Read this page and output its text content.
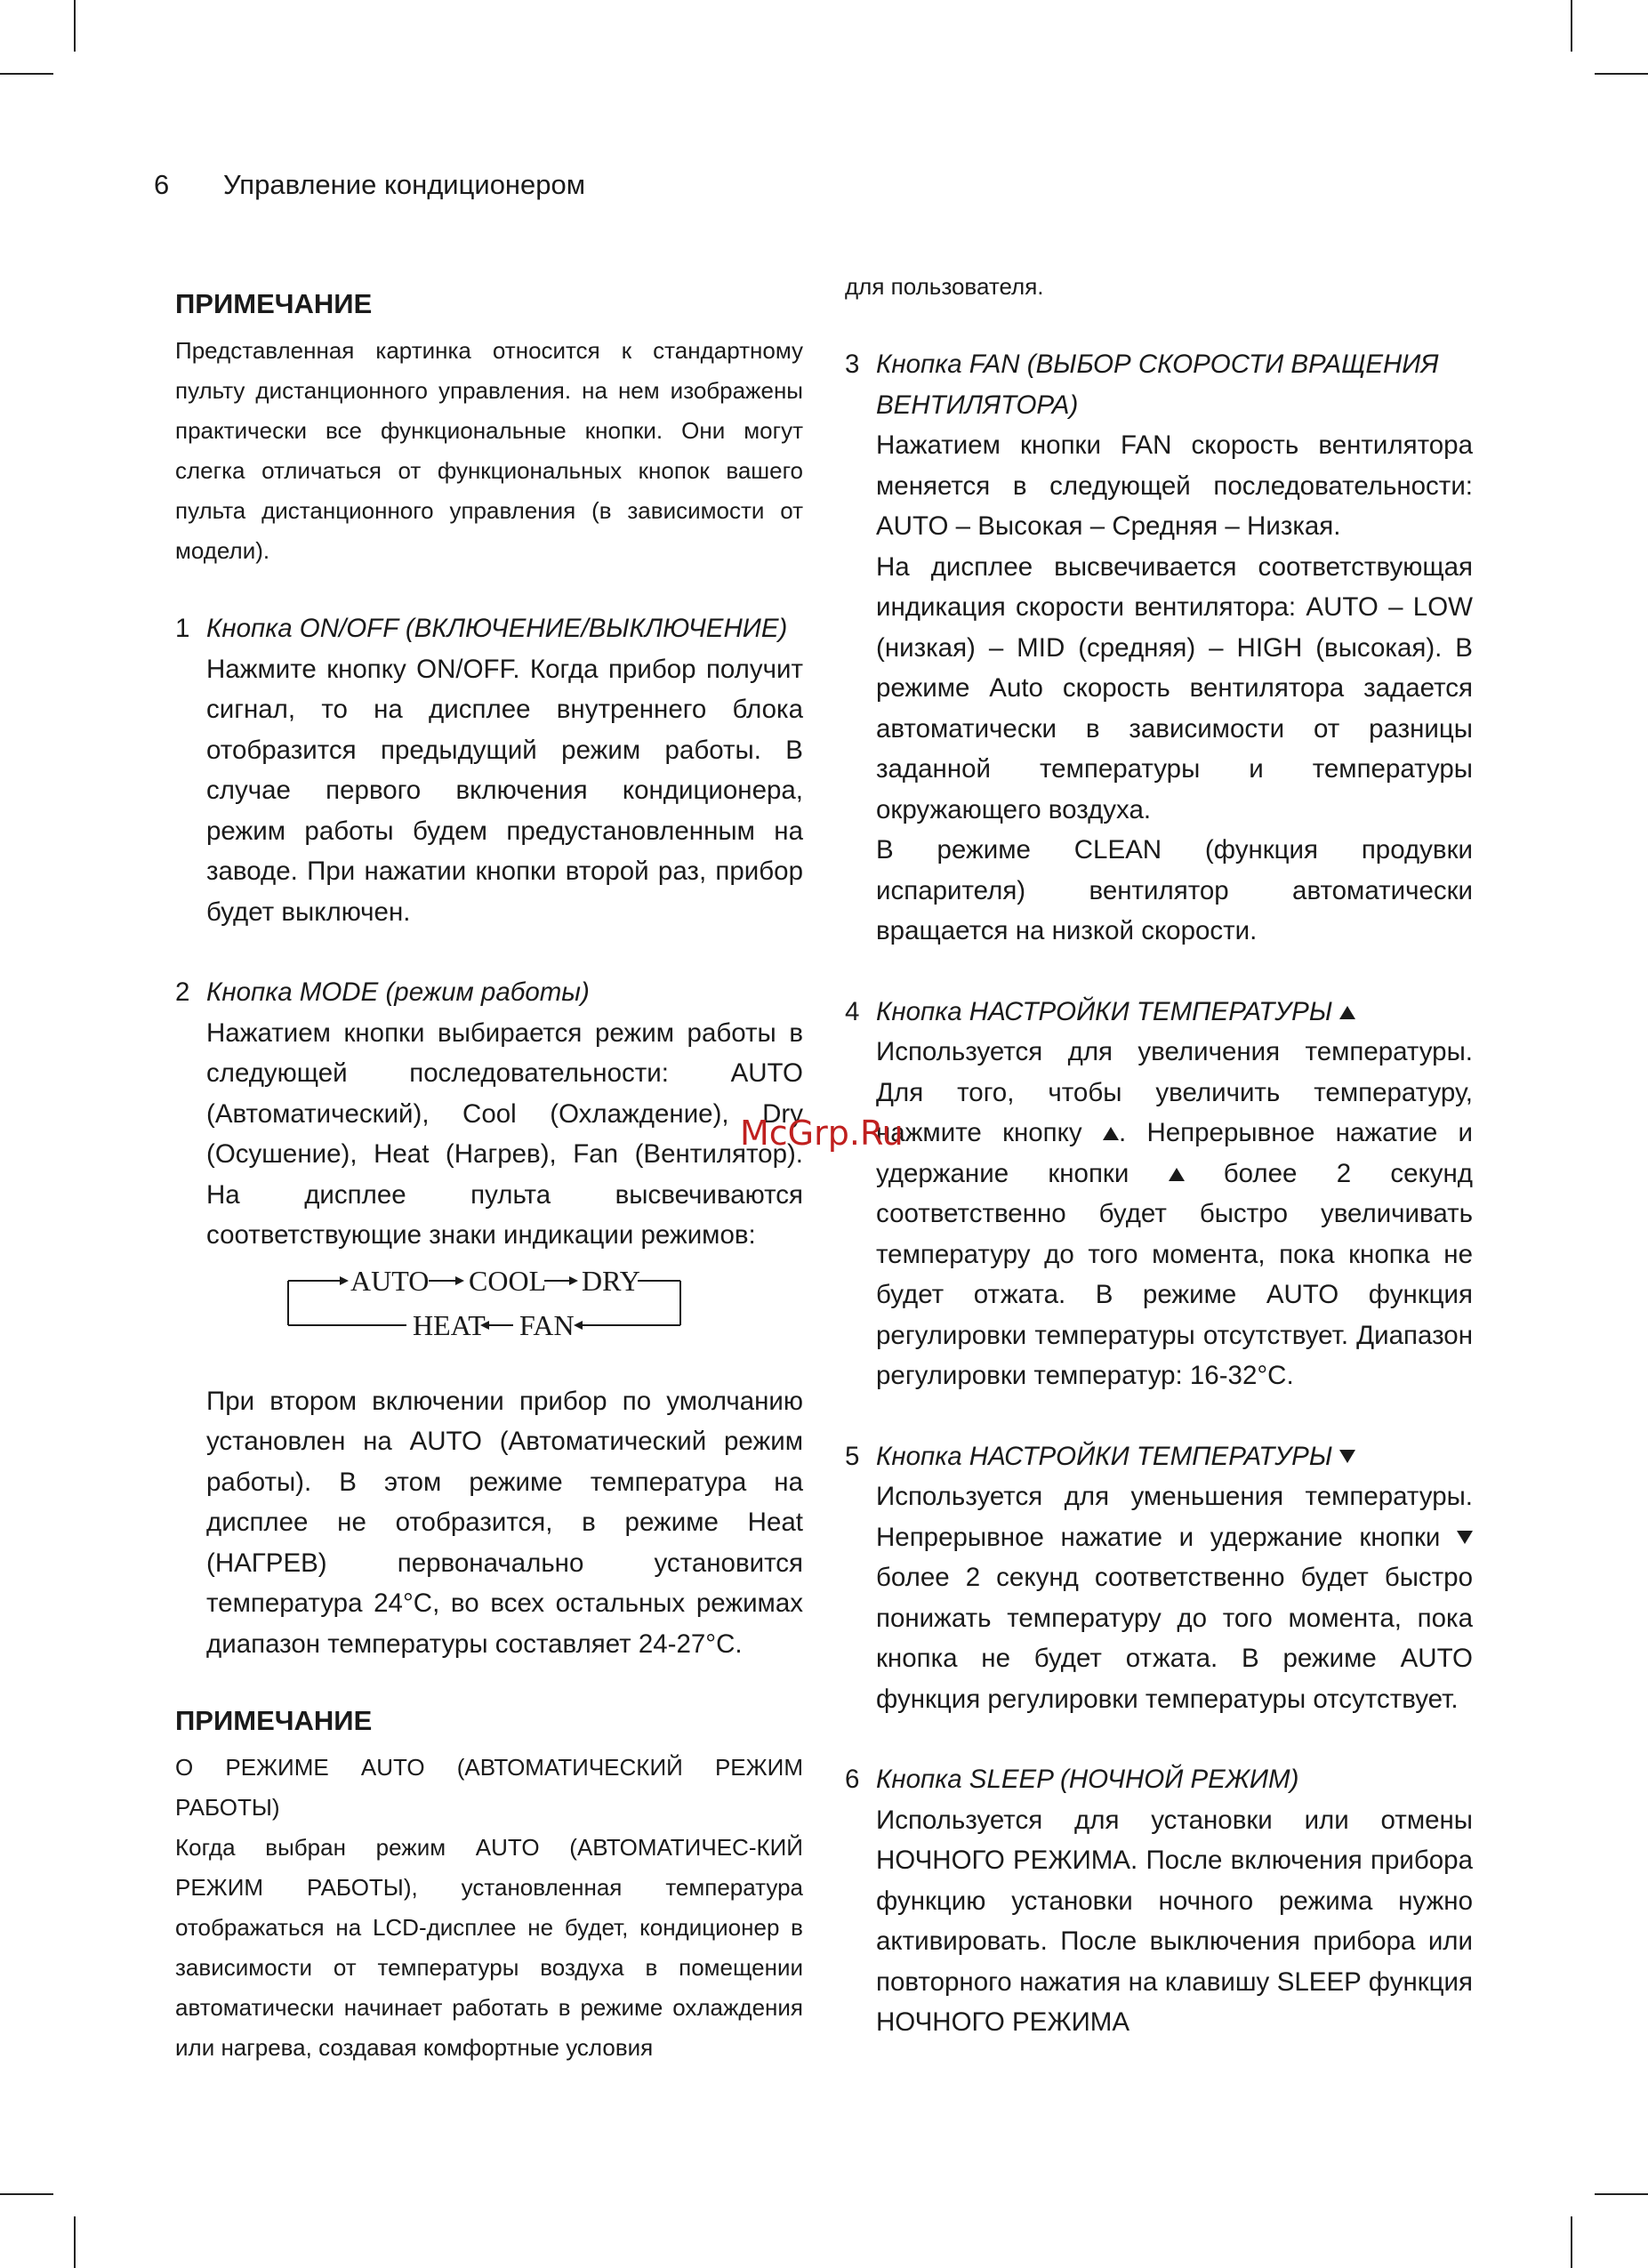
6 Управление кондиционером
ПРИМЕЧАНИЕ

Представленная картинка относится к стандартному пульту дистанционного управления. на нем изображены практически все функциональные кнопки. Они могут слегка отличаться от функциональных кнопок вашего пульта дистанционного управления (в зависимости от модели).

1 Кнопка ON/OFF (ВКЛЮЧЕНИЕ/ВЫКЛЮЧЕНИЕ)

Нажмите кнопку ON/OFF. Когда прибор получит сигнал, то на дисплее внутреннего блока отобразится предыдущий режим работы. В случае первого включения кондиционера, режим работы будем предустановленным на заводе. При нажатии кнопки второй раз, прибор будет выключен.

2 Кнопка MODE (режим работы)

Нажатием кнопки выбирается режим работы в следующей последовательности: AUTO (Автоматический), Cool (Охлаждение), Dry (Осушение), Heat (Нагрев), Fan (Вентилятор). На дисплее пульта высвечиваются соответствующие знаки индикации режимов:

AUTO COOL DRY
FAN
HEAT

При втором включении прибор по умолчанию установлен на AUTO (Автоматический режим работы). В этом режиме температура на дисплее не отобразится, в режиме Heat (НАГРЕВ) первоначально установится температура 24°С, во всех остальных режимах диапазон температуры составляет 24-27°С.

ПРИМЕЧАНИЕ

О РЕЖИМЕ AUTO (АВТОМАТИЧЕСКИЙ РЕЖИМ РАБОТЫ)

Когда выбран режим AUTO (АВТОМАТИЧЕС-КИЙ РЕЖИМ РАБОТЫ), установленная температура отображаться на LCD-дисплее не будет, кондиционер в зависимости от температуры воздуха в помещении автоматически начинает работать в режиме охлаждения или нагрева, создавая комфортные условия

для пользователя.

3 Кнопка FAN (ВЫБОР СКОРОСТИ ВРАЩЕНИЯ ВЕНТИЛЯТОРА)

Нажатием кнопки FAN скорость вентилятора меняется в следующей последовательности: AUTO – Высокая – Средняя – Низкая.

На дисплее высвечивается соответствующая индикация скорости вентилятора: AUTO – LOW (низкая) – MID (средняя) – HIGH (высокая). В режиме Auto скорость вентилятора задается автоматически в зависимости от разницы заданной температуры и температуры окружающего воздуха.

В режиме CLEAN (функция продувки испарителя) вентилятор автоматически вращается на низкой скорости.

4 Кнопка НАСТРОЙКИ ТЕМПЕРАТУРЫ

Используется для увеличения температуры. Для того, чтобы увеличить температуру, нажмите кнопку . Непрерывное нажатие и удержание кнопки	более 2 секунд соответственно будет быстро увеличивать температуру до того момента, пока кнопка не будет отжата. В режиме AUTO функция регулировки температуры отсутствует. Диапазон регулировки температур: 16-32°С.

5 Кнопка НАСТРОЙКИ ТЕМПЕРАТУРЫ

Используется для уменьшения температуры. Непрерывное нажатие и удержание кнопки  более 2 секунд соответственно будет быстро понижать температуру до того момента, пока кнопка не будет отжата. В режиме AUTO функция регулировки температуры отсутствует.

6 Кнопка SLEEP (НОЧНОЙ РЕЖИМ)

Используется для установки или отмены НОЧНОГО РЕЖИМА. После включения прибора функцию установки ночного режима нужно активировать. После выключения прибора или повторного нажатия на клавишу SLEEP функция НОЧНОГО РЕЖИМА

McGrp.Ru
